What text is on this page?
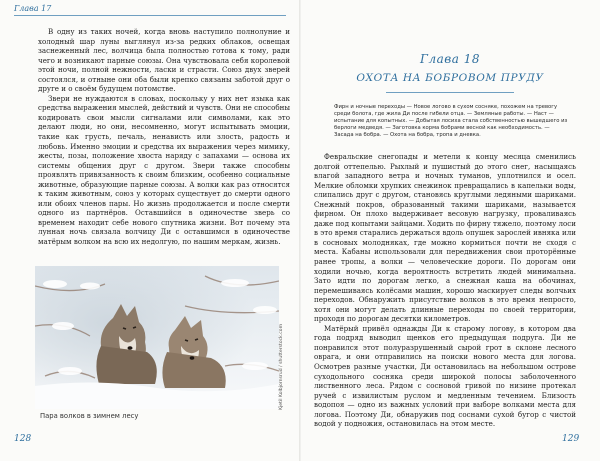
Глава 17

В одну из таких ночей, когда вновь наступило полнолуние и холодный шар луны выглянул из-за редких облаков, освещая заснеженный лес, волчица была полностью готова к тому, ради чего и возникают парные союзы. Она чувствовала себя королевой этой ночи, полной нежности, ласки и страсти. Союз двух зверей состоялся, и отныне они оба были крепко связаны заботой друг о друге и о своём будущем потомстве.

Звери не нуждаются в словах, поскольку у них нет языка как средства выражения мыслей, действий и чувств. Они не способны кодировать свои мысли сигналами или символами, как это делают люди, но они, несомненно, могут испытывать эмоции, такие как грусть, печаль, ненависть или злость, радость и любовь. Именно эмоции и средства их выражения через мимику, жесты, позы, положение хвоста наряду с запахами — основа их системы общения друг с другом. Звери также способны проявлять привязанность к своим близким, особенно социальные животные, образующие парные союзы. А волки как раз относятся к таким животным, союз у которых существует до смерти одного или обоих членов пары. Но жизнь продолжается и после смерти одного из партнёров. Оставшийся в одиночестве зверь со временем находит себе нового спутника жизни. Вот почему эта лунная ночь связала волчицу Ди с оставшимся в одиночестве матёрым волком на всю их недолгую, по нашим меркам, жизнь.

Kjetil Kolbjornsrud / shutterstock.com
Пара волков в зимнем лесу
128
Глава 18
ОХОТА НА БОБРОВОМ ПРУДУ

Фирн и ночные переходы — Новое логово в сухом сосняке, похожем на тревогу среди болота, где жила Ди после гибели отца. — Земляные работы. — Наст — испытание для копытных. — Добытая лосиха стала собственностью вышедшего из берлоги медведя. — Заготовка корма бобрами весной как необходимость. — Засада на бобра. — Охота на бобра, тропа и дневка.

Февральские снегопады и метели к концу месяца сменились долгой оттепелью. Рыхлый и пушистый до этого снег, насыщаясь влагой западного ветра и ночных туманов, уплотнился и осел. Мелкие обломки хрупких снежинок превращались в капельки воды, слипались друг с другом, становясь круглыми ледяными шариками. Снежный покров, образованный такими шариками, называется фирном. Он плохо выдерживает весовую нагрузку, проваливаясь даже под копытами зайцами. Ходить по фирну тяжело, поэтому лоси в это время старались держаться вдоль опушек зарослей ивняка или в сосновых молодняках, где можно кормиться почти не сходя с места. Кабаны использовали для передвижения свои проторённые ранее тропы, а волки — человеческие дороги. По дорогам они ходили ночью, когда вероятность встретить людей минимальна. Зато идти по дорогам легко, а снежная каша на обочинах, перемешиваясь колёсами машин, хорошо маскирует следы волчьих переходов. Обнаружить присутствие волков в это время непросто, хотя они могут делать длинные переходы по своей территории, проходя по дорогам десятки километров.

Матёрый привёл однажды Ди к старому логову, в котором два года подряд выводил щенков его предыдущая подруга. Ди не понравился этот полуразрушенный сырой грот в склоне лесного оврага, и они отправились на поиски нового места для логова. Осмотрев разные участки, Ди остановилась на небольшом острове суходольного сосняка среди широкой полосы заболоченного лиственного леса. Рядом с сосновой гривой по низине протекал ручей с извилистым руслом и медленным течением. Близость водопоя — одно из важных условий при выборе волками места для логова. Поэтому Ди, обнаружив под соснами сухой бугор с чистой водой у подножия, остановилась на этом месте.

129
